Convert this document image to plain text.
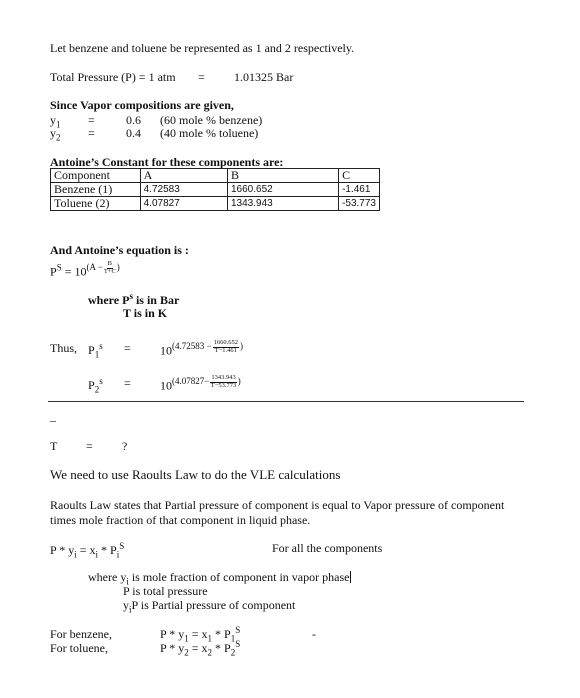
Let benzene and toluene be represented as 1 and 2 respectively.
Total Pressure (P) = 1 atm = 1.01325 Bar
Since Vapor compositions are given,
$y_1$ =	0.6 (60 mole % benzene)
$y_2$ =	0.4 (40 mole % toluene)
Antoine’s Constant for these components are:
Component	A	B	C
Benzene (1)	4.72583	1660.652	-1.461
Toluene (2)	4.07827	1343.943	-53.773
And Antoine’s equation is :
$P^S = 10^{(A - \frac{B}{T+C} )}$
where $P^s$ is in Bar
T is in K
Thus, $P_1^s = 10^{(4.72583 - \frac{1660.652}{T-1.461} )}$
$P_2^s = 10^{(4.07827- \frac{1343.943}{T-53.773} )}$
–
T = ?
We need to use Raoults Law to do the VLE calculations
Raoults Law states that Partial pressure of component is equal to Vapor pressure of component
times mole fraction of that component in liquid phase.
$P * y_i = x_i * P_i^S$	For all the components
where $y_i$ is mole fraction of component in vapor phase
P is total pressure
$y_iP$ is Partial pressure of component
For benzene,	$P * y_1 = x_1 * P_1^S$	-
For toluene,	$P * y_2 = x_2 * P_2^S$
